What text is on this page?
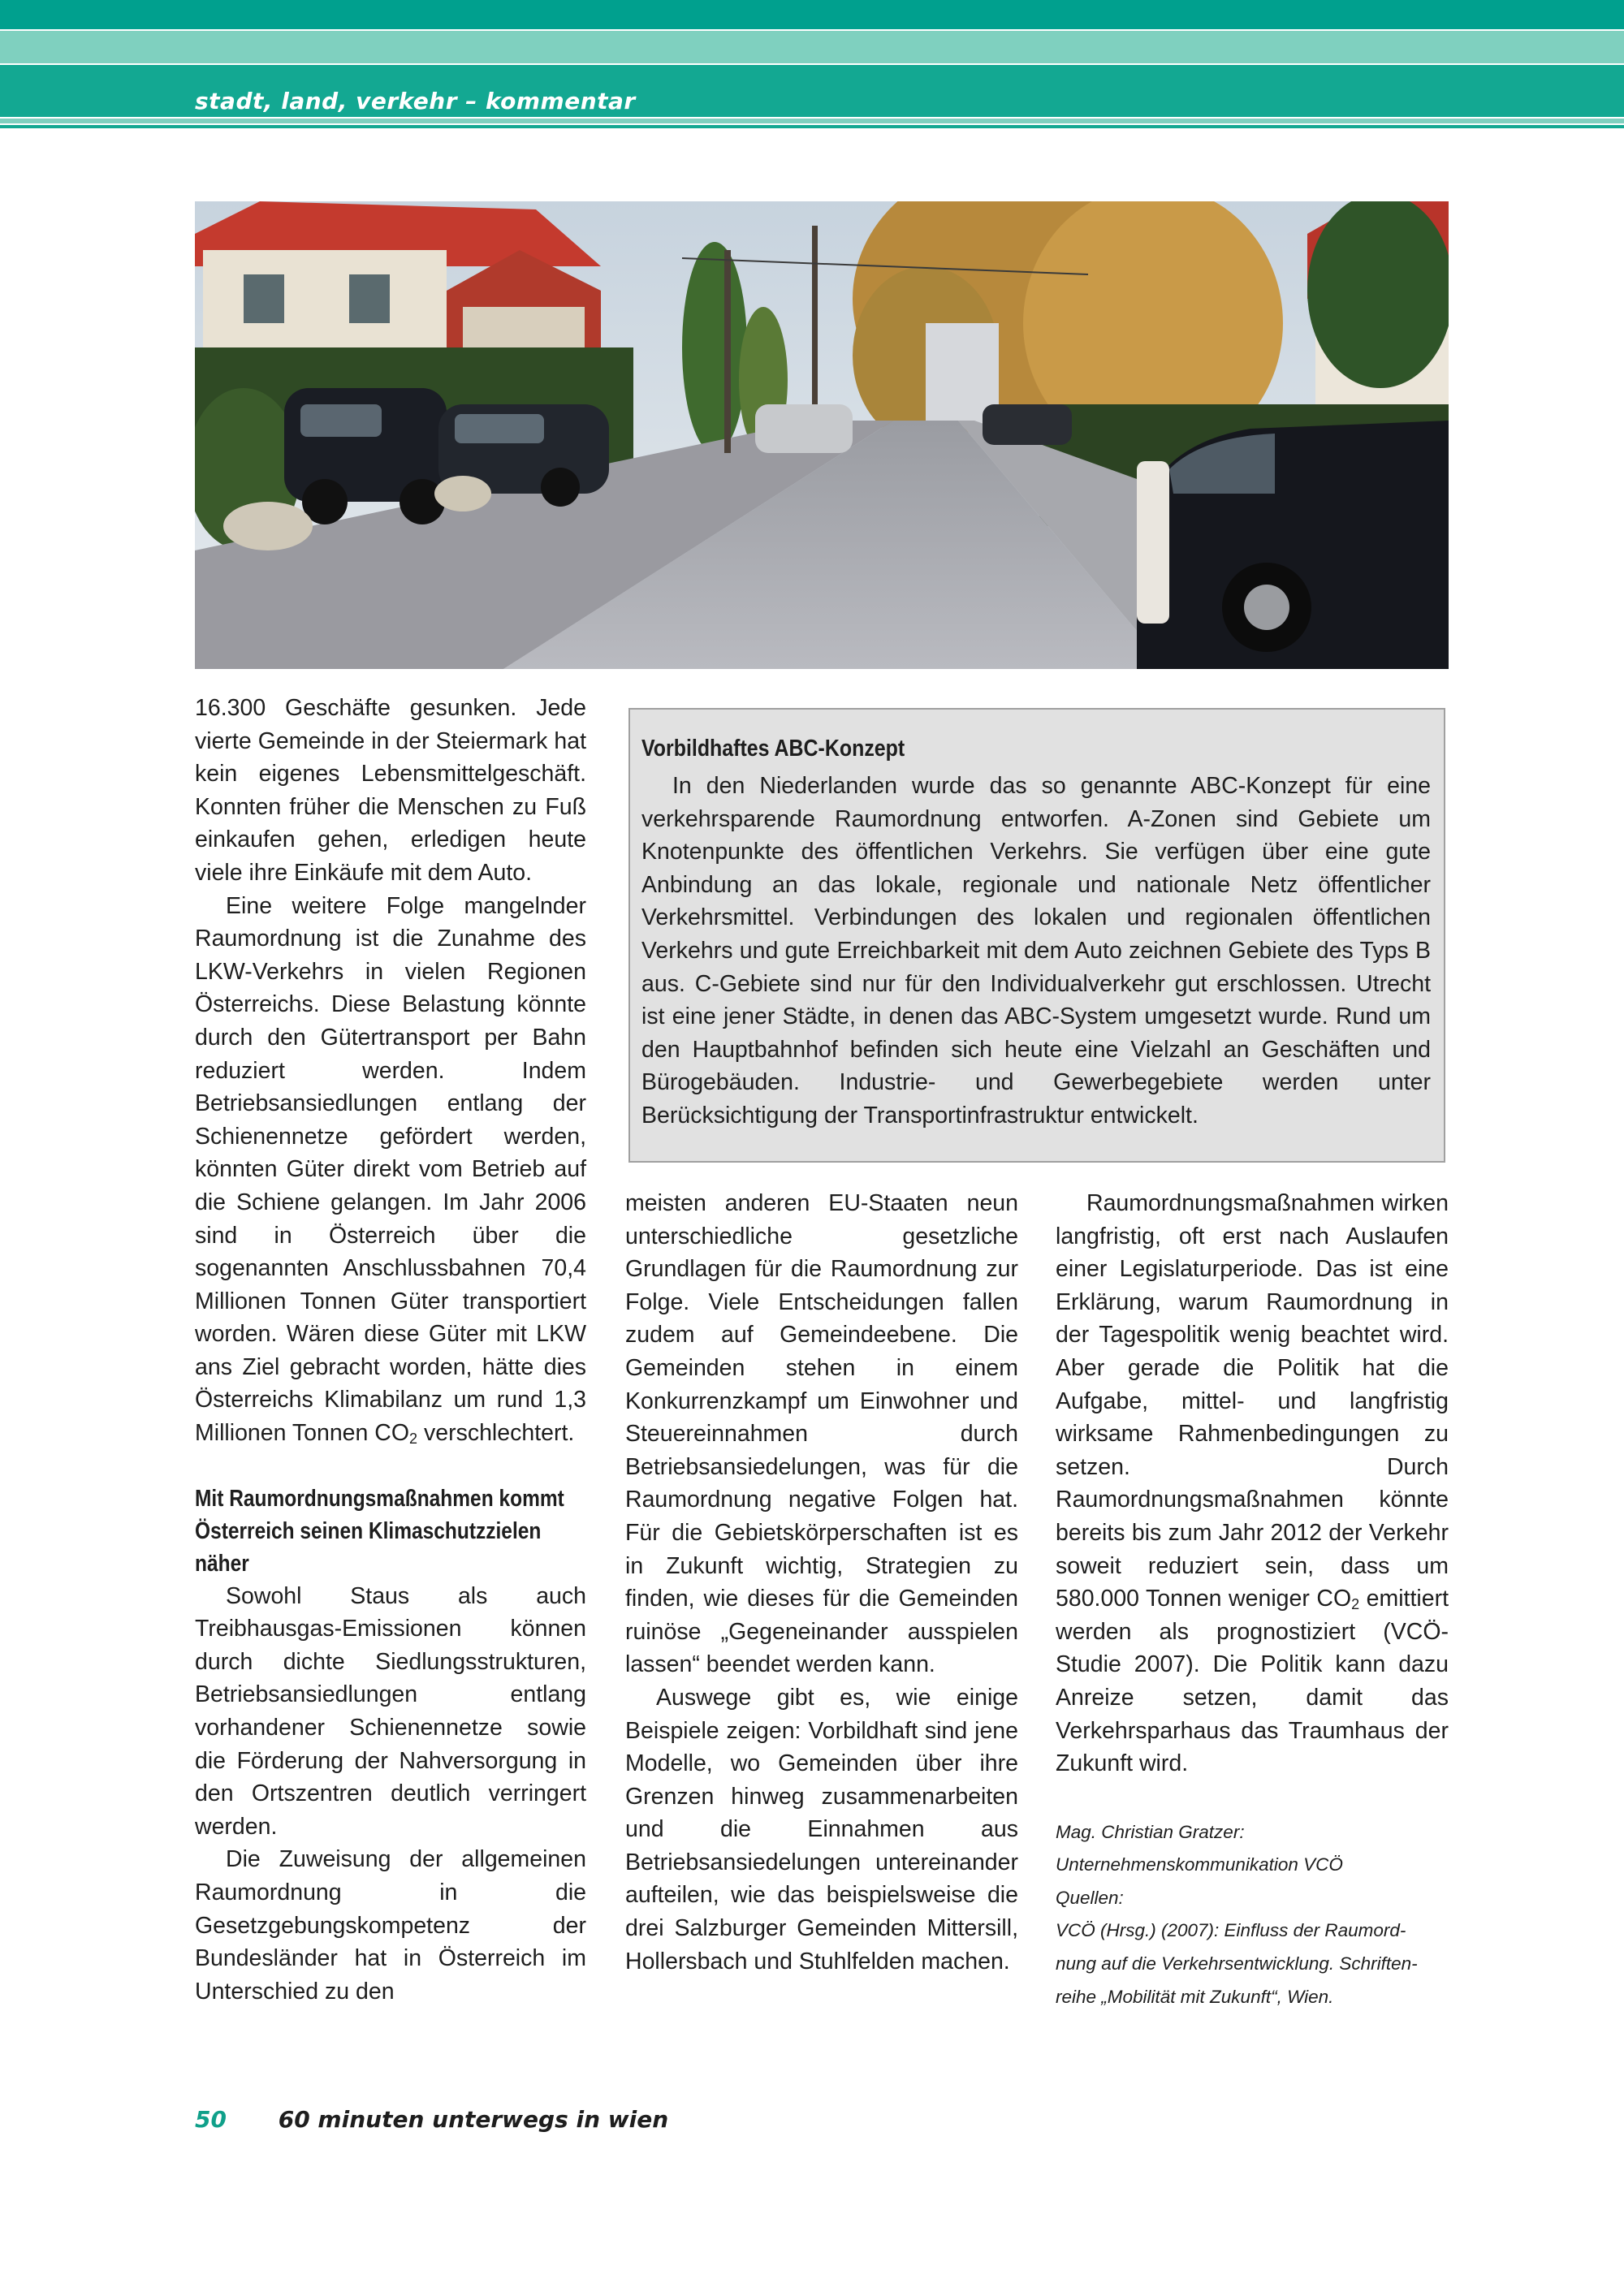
stadt, land, verkehr – kommentar

16.300 Geschäfte gesunken. Jede vierte Gemeinde in der Steiermark hat kein eigenes Lebensmittelgeschäft. Konnten früher die Menschen zu Fuß einkaufen gehen, erledigen heute viele ihre Einkäufe mit dem Auto.

Eine weitere Folge mangelnder Raumordnung ist die Zunahme des LKW-Verkehrs in vielen Regionen Österreichs. Diese Belastung könnte durch den Gütertransport per Bahn reduziert werden. Indem Betriebsansiedlungen entlang der Schienennetze gefördert werden, könnten Güter direkt vom Betrieb auf die Schiene gelangen. Im Jahr 2006 sind in Österreich über die sogenannten Anschlussbahnen 70,4 Millionen Tonnen Güter transportiert worden. Wären diese Güter mit LKW ans Ziel gebracht worden, hätte dies Österreichs Klimabilanz um rund 1,3 Millionen Tonnen $CO_2$ verschlechtert.

Mit Raumordnungsmaßnahmen kommt Österreich seinen Klimaschutzzielen näher

Sowohl Staus als auch Treibhausgas-Emissionen können durch dichte Siedlungsstrukturen, Betriebsansiedlungen entlang vorhandener Schienennetze sowie die Förderung der Nahversorgung in den Ortszentren deutlich verringert werden.

Die Zuweisung der allgemeinen Raumordnung in die Gesetzgebungskompetenz der Bundesländer hat in Österreich im Unterschied zu den

Vorbildhaftes ABC-Konzept
In den Niederlanden wurde das so genannte ABC-Konzept für eine verkehrsparende Raumordnung entworfen. A-Zonen sind Gebiete um Knotenpunkte des öffentlichen Verkehrs. Sie verfügen über eine gute Anbindung an das lokale, regionale und nationale Netz öffentlicher Verkehrsmittel. Verbindungen des lokalen und regionalen öffentlichen Verkehrs und gute Erreichbarkeit mit dem Auto zeichnen Gebiete des Typs B aus. C-Gebiete sind nur für den Individualverkehr gut erschlossen. Utrecht ist eine jener Städte, in denen das ABC-System umgesetzt wurde. Rund um den Hauptbahnhof befinden sich heute eine Vielzahl an Geschäften und Bürogebäuden. Industrie- und Gewerbegebiete werden unter Berücksichtigung der Transportinfrastruktur entwickelt.

meisten anderen EU-Staaten neun unterschiedliche gesetzliche Grundlagen für die Raumordnung zur Folge. Viele Entscheidungen fallen zudem auf Gemeindeebene. Die Gemeinden stehen in einem Konkurrenzkampf um Einwohner und Steuereinnahmen durch Betriebsansiedelungen, was für die Raumordnung negative Folgen hat. Für die Gebietskörperschaften ist es in Zukunft wichtig, Strategien zu finden, wie dieses für die Gemeinden ruinöse „Gegeneinander ausspielen lassen“ beendet werden kann.

Auswege gibt es, wie einige Beispiele zeigen: Vorbildhaft sind jene Modelle, wo Gemeinden über ihre Grenzen hinweg zusammenarbeiten und die Einnahmen aus Betriebsansiedelungen untereinander aufteilen, wie das beispielsweise die drei Salzburger Gemeinden Mittersill, Hollersbach und Stuhlfelden machen.

Raumordnungsmaßnahmen wirken langfristig, oft erst nach Auslaufen einer Legislaturperiode. Das ist eine Erklärung, warum Raumordnung in der Tagespolitik wenig beachtet wird. Aber gerade die Politik hat die Aufgabe, mittel- und langfristig wirksame Rahmenbedingungen zu setzen. Durch Raumordnungsmaßnahmen könnte bereits bis zum Jahr 2012 der Verkehr soweit reduziert sein, dass um 580.000 Tonnen weniger $CO_2$ emittiert werden als prognostiziert (VCÖ-Studie 2007). Die Politik kann dazu Anreize setzen, damit das Verkehrsparhaus das Traumhaus der Zukunft wird.

Mag. Christian Gratzer:
Unternehmenskommunikation VCÖ
Quellen:
VCÖ (Hrsg.) (2007): Einfluss der Raumord-
nung auf die Verkehrsentwicklung. Schriften-
reihe „Mobilität mit Zukunft“, Wien.
50 60 minuten unterwegs in wien
